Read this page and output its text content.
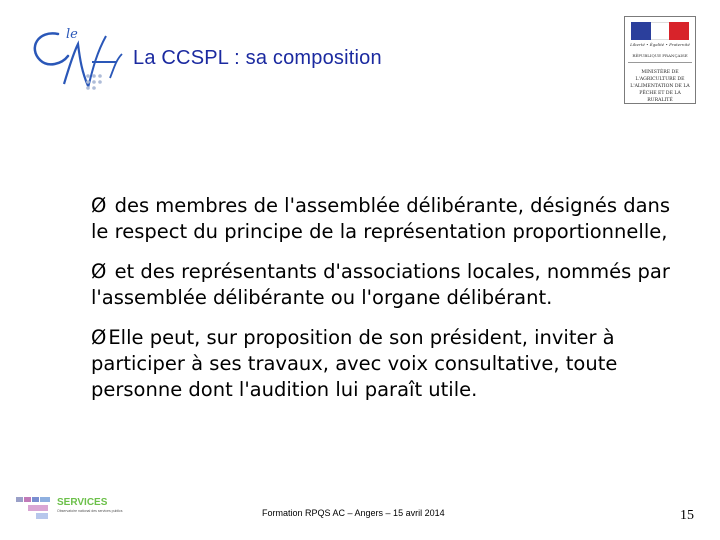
le
La CCSPL : sa composition
Liberté • Égalité • Fraternité
RÉPUBLIQUE FRANÇAISE
MINISTÈRE DE L'AGRICULTURE DE L'ALIMENTATION DE LA PÊCHE ET DE LA RURALITÉ

Ø des membres de l'assemblée délibérante, désignés dans le respect du principe de la représentation proportionnelle,

Ø et des représentants d'associations locales, nommés par l'assemblée délibérante ou l'organe délibérant.

Ø Elle peut, sur proposition de son président, inviter à participer à ses travaux, avec voix consultative, toute personne dont l'audition lui paraît utile.

SERVICES
Observatoire national des services publics	Formation RPQS AC – Angers – 15 avril 2014	15
